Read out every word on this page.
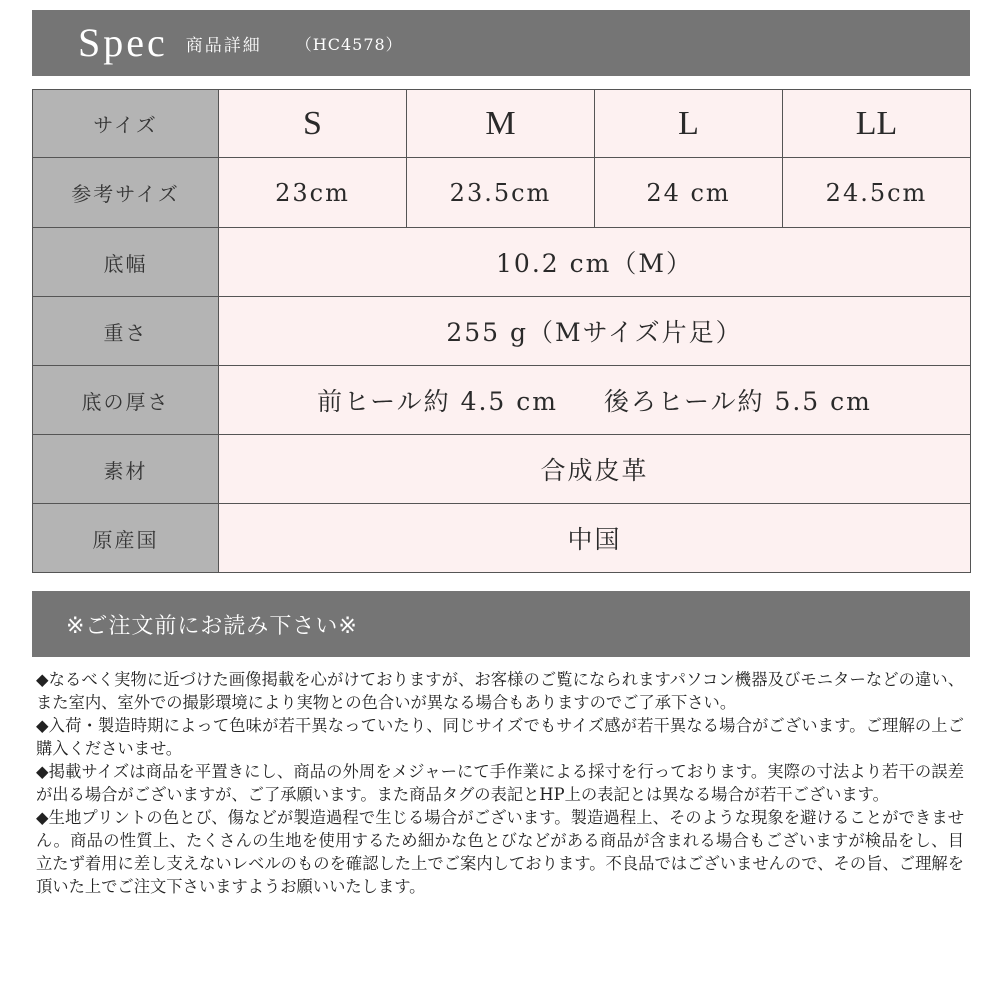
Spec 商品詳細 （HC4578）
サイズ	S	M	L	LL
参考サイズ	23cm	23.5cm	24 cm	24.5cm
底幅	10.2 cm（M）			
重さ	255 g（Mサイズ片足）			
底の厚さ	前ヒール約 4.5 cm 後ろヒール約 5.5 cm			
素材	合成皮革			
原産国	中国			
※ご注文前にお読み下さい※

◆なるべく実物に近づけた画像掲載を心がけておりますが、お客様のご覧になられますパソコン機器及びモニターなどの違い、また室内、室外での撮影環境により実物との色合いが異なる場合もありますのでご了承下さい。

◆入荷・製造時期によって色味が若干異なっていたり、同じサイズでもサイズ感が若干異なる場合がございます。ご理解の上ご購入くださいませ。

◆掲載サイズは商品を平置きにし、商品の外周をメジャーにて手作業による採寸を行っております。実際の寸法より若干の誤差が出る場合がございますが、ご了承願います。また商品タグの表記とHP上の表記とは異なる場合が若干ございます。

◆生地プリントの色とび、傷などが製造過程で生じる場合がございます。製造過程上、そのような現象を避けることができません。商品の性質上、たくさんの生地を使用するため細かな色とびなどがある商品が含まれる場合もございますが検品をし、目立たず着用に差し支えないレベルのものを確認した上でご案内しております。不良品ではございませんので、その旨、ご理解を頂いた上でご注文下さいますようお願いいたします。
